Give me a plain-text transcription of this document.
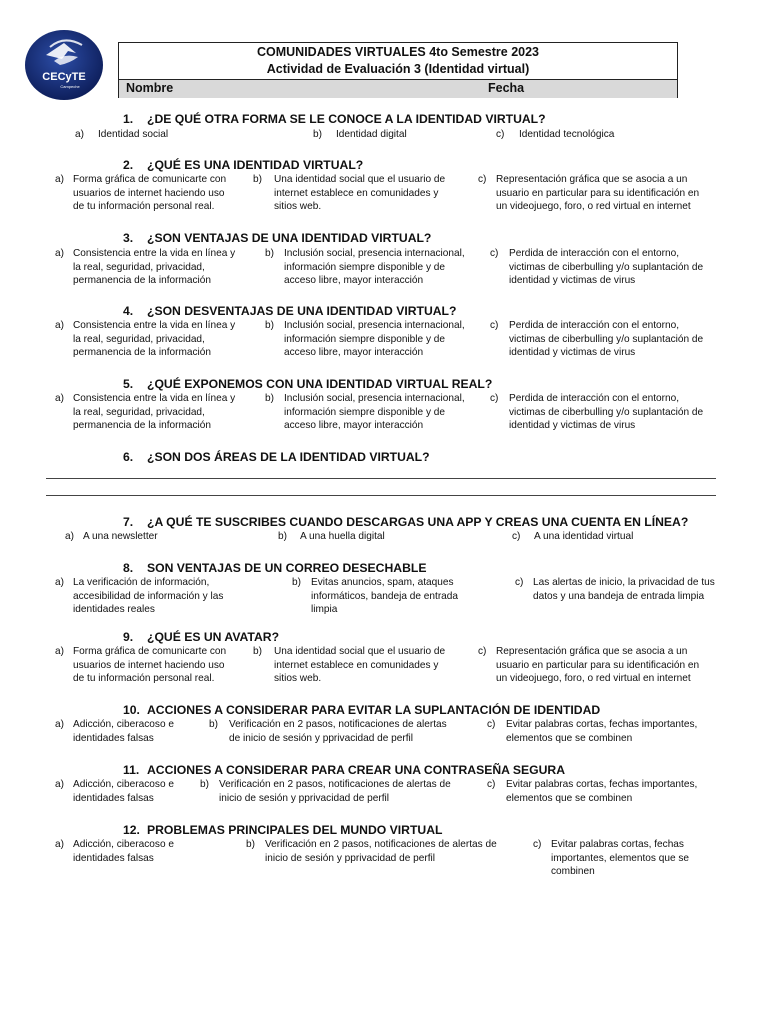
CECyTE
Campeche
COMUNIDADES VIRTUALES 4to Semestre 2023
Actividad de Evaluación 3 (Identidad virtual)
Nombre	Fecha
1. ¿DE QUÉ OTRA FORMA SE LE CONOCE A LA IDENTIDAD VIRTUAL?
a) Identidad social	b) Identidad digital	c) Identidad tecnológica
2. ¿QUÉ ES UNA IDENTIDAD VIRTUAL?
a) Forma gráfica de comunicarte con
usuarios de internet haciendo uso
de tu información personal real.
b) Una identidad social que el usuario de
internet establece en comunidades y
sitios web.
c) Representación gráfica que se asocia a un
usuario en particular para su identificación en
un videojuego, foro, o red virtual en internet
3. ¿SON VENTAJAS DE UNA IDENTIDAD VIRTUAL?
a) Consistencia entre la vida en línea y
la real, seguridad, privacidad,
permanencia de la información
b) Inclusión social, presencia internacional,
información siempre disponible y de
acceso libre, mayor interacción
c) Perdida de interacción con el entorno,
victimas de ciberbulling y/o suplantación de
identidad y victimas de virus
4. ¿SON DESVENTAJAS DE UNA IDENTIDAD VIRTUAL?
a) Consistencia entre la vida en línea y
la real, seguridad, privacidad,
permanencia de la información
b) Inclusión social, presencia internacional,
información siempre disponible y de
acceso libre, mayor interacción
c) Perdida de interacción con el entorno,
victimas de ciberbulling y/o suplantación de
identidad y victimas de virus
5. ¿QUÉ EXPONEMOS CON UNA IDENTIDAD VIRTUAL REAL?
a) Consistencia entre la vida en línea y
la real, seguridad, privacidad,
permanencia de la información
b) Inclusión social, presencia internacional,
información siempre disponible y de
acceso libre, mayor interacción
c) Perdida de interacción con el entorno,
victimas de ciberbulling y/o suplantación de
identidad y victimas de virus
6. ¿SON DOS ÁREAS DE LA IDENTIDAD VIRTUAL?
7. ¿A QUÉ TE SUSCRIBES CUANDO DESCARGAS UNA APP Y CREAS UNA CUENTA EN LÍNEA?
a) A una newsletter	b) A una huella digital	c) A una identidad virtual
8. SON VENTAJAS DE UN CORREO DESECHABLE
a) La verificación de información,
accesibilidad de información y las
identidades reales
b) Evitas anuncios, spam, ataques
informáticos, bandeja de entrada
limpia
c) Las alertas de inicio, la privacidad de tus
datos y una bandeja de entrada limpia
9. ¿QUÉ ES UN AVATAR?
a) Forma gráfica de comunicarte con
usuarios de internet haciendo uso
de tu información personal real.
b) Una identidad social que el usuario de
internet establece en comunidades y
sitios web.
c) Representación gráfica que se asocia a un
usuario en particular para su identificación en
un videojuego, foro, o red virtual en internet
10. ACCIONES A CONSIDERAR PARA EVITAR LA SUPLANTACIÓN DE IDENTIDAD
a) Adicción, ciberacoso e
identidades falsas
b) Verificación en 2 pasos, notificaciones de alertas
de inicio de sesión y pprivacidad de perfil
c) Evitar palabras cortas, fechas importantes,
elementos que se combinen
11. ACCIONES A CONSIDERAR PARA CREAR UNA CONTRASEÑA SEGURA
a) Adicción, ciberacoso e
identidades falsas
b) Verificación en 2 pasos, notificaciones de alertas de
inicio de sesión y pprivacidad de perfil
c) Evitar palabras cortas, fechas importantes,
elementos que se combinen
12. PROBLEMAS PRINCIPALES DEL MUNDO VIRTUAL
a) Adicción, ciberacoso e
identidades falsas
b) Verificación en 2 pasos, notificaciones de alertas de
inicio de sesión y pprivacidad de perfil
c) Evitar palabras cortas, fechas
importantes, elementos que se
combinen
